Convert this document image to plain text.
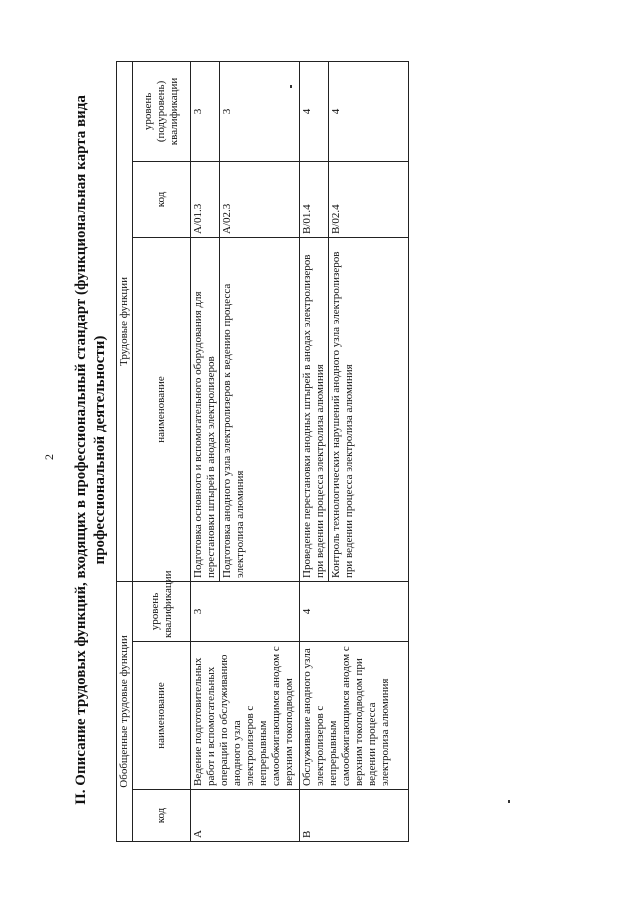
2 II. Описание трудовых функций, входящих в профессиональный стандарт (функциональная карта вида профессиональной деятельности)
Обобщенные трудовые функции			Трудовые функции		
код	наименование	уровень квалификации	наименование	код	уровень (подуровень) квалификации
A	Ведение подготовительных работ и вспомогательных операций по обслуживанию анодного узла электролизеров с непрерывным самообжигающимся анодом с верхним токоподводом	3	Подготовка основного и вспомогательного оборудования для перестановки штырей в анодах электролизеров	A/01.3	3
			Подготовка анодного узла электролизеров к ведению процесса электролиза алюминия	A/02.3	3
B	Обслуживание анодного узла электролизеров с непрерывным самообжигающимся анодом с верхним токоподводом при ведении процесса электролиза алюминия	4	Проведение перестановки анодных штырей в анодах электролизеров при ведении процесса электролиза алюминия	B/01.4	4
			Контроль технологических нарушений анодного узла электролизеров при ведении процесса электролиза алюминия	B/02.4	4
